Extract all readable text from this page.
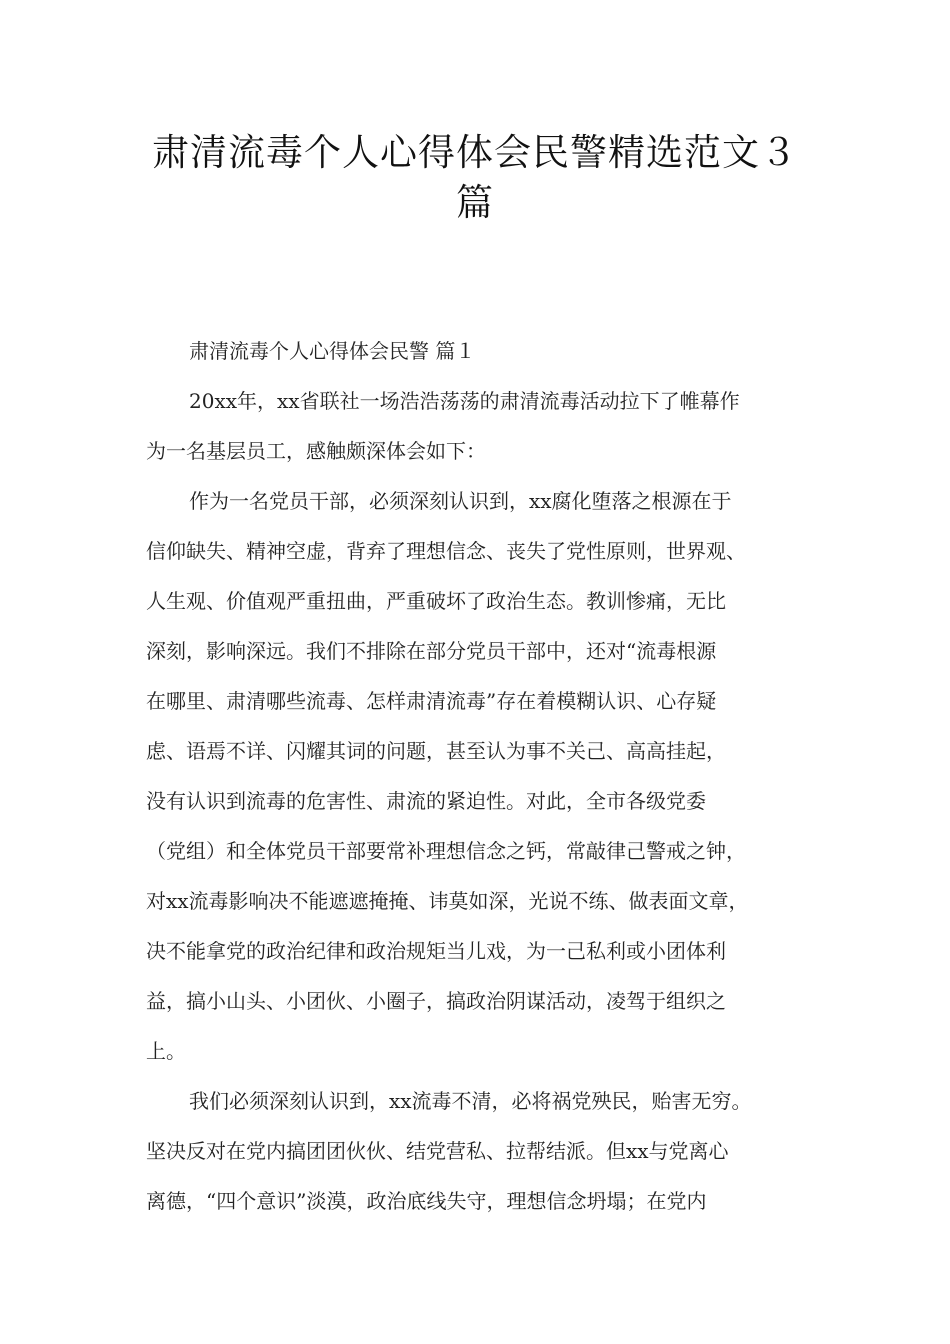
肃清流毒个人心得体会民警精选范文３
篇
肃清流毒个人心得体会民警 篇１
20xx年，xx省联社一场浩浩荡荡的肃清流毒活动拉下了帷幕作
为一名基层员工，感触颇深体会如下：
作为一名党员干部，必须深刻认识到，xx腐化堕落之根源在于
信仰缺失、精神空虚，背弃了理想信念、丧失了党性原则，世界观、
人生观、价值观严重扭曲，严重破坏了政治生态。教训惨痛，无比
深刻，影响深远。我们不排除在部分党员干部中，还对“流毒根源
在哪里、肃清哪些流毒、怎样肃清流毒”存在着模糊认识、心存疑
虑、语焉不详、闪耀其词的问题，甚至认为事不关己、高高挂起，
没有认识到流毒的危害性、肃流的紧迫性。对此，全市各级党委
（党组）和全体党员干部要常补理想信念之钙，常敲律己警戒之钟，
对xx流毒影响决不能遮遮掩掩、讳莫如深，光说不练、做表面文章，
决不能拿党的政治纪律和政治规矩当儿戏，为一己私利或小团体利
益，搞小山头、小团伙、小圈子，搞政治阴谋活动，凌驾于组织之
上。
我们必须深刻认识到，xx流毒不清，必将祸党殃民，贻害无穷。
坚决反对在党内搞团团伙伙、结党营私、拉帮结派。但xx与党离心
离德，“四个意识”淡漠，政治底线失守，理想信念坍塌；在党内
